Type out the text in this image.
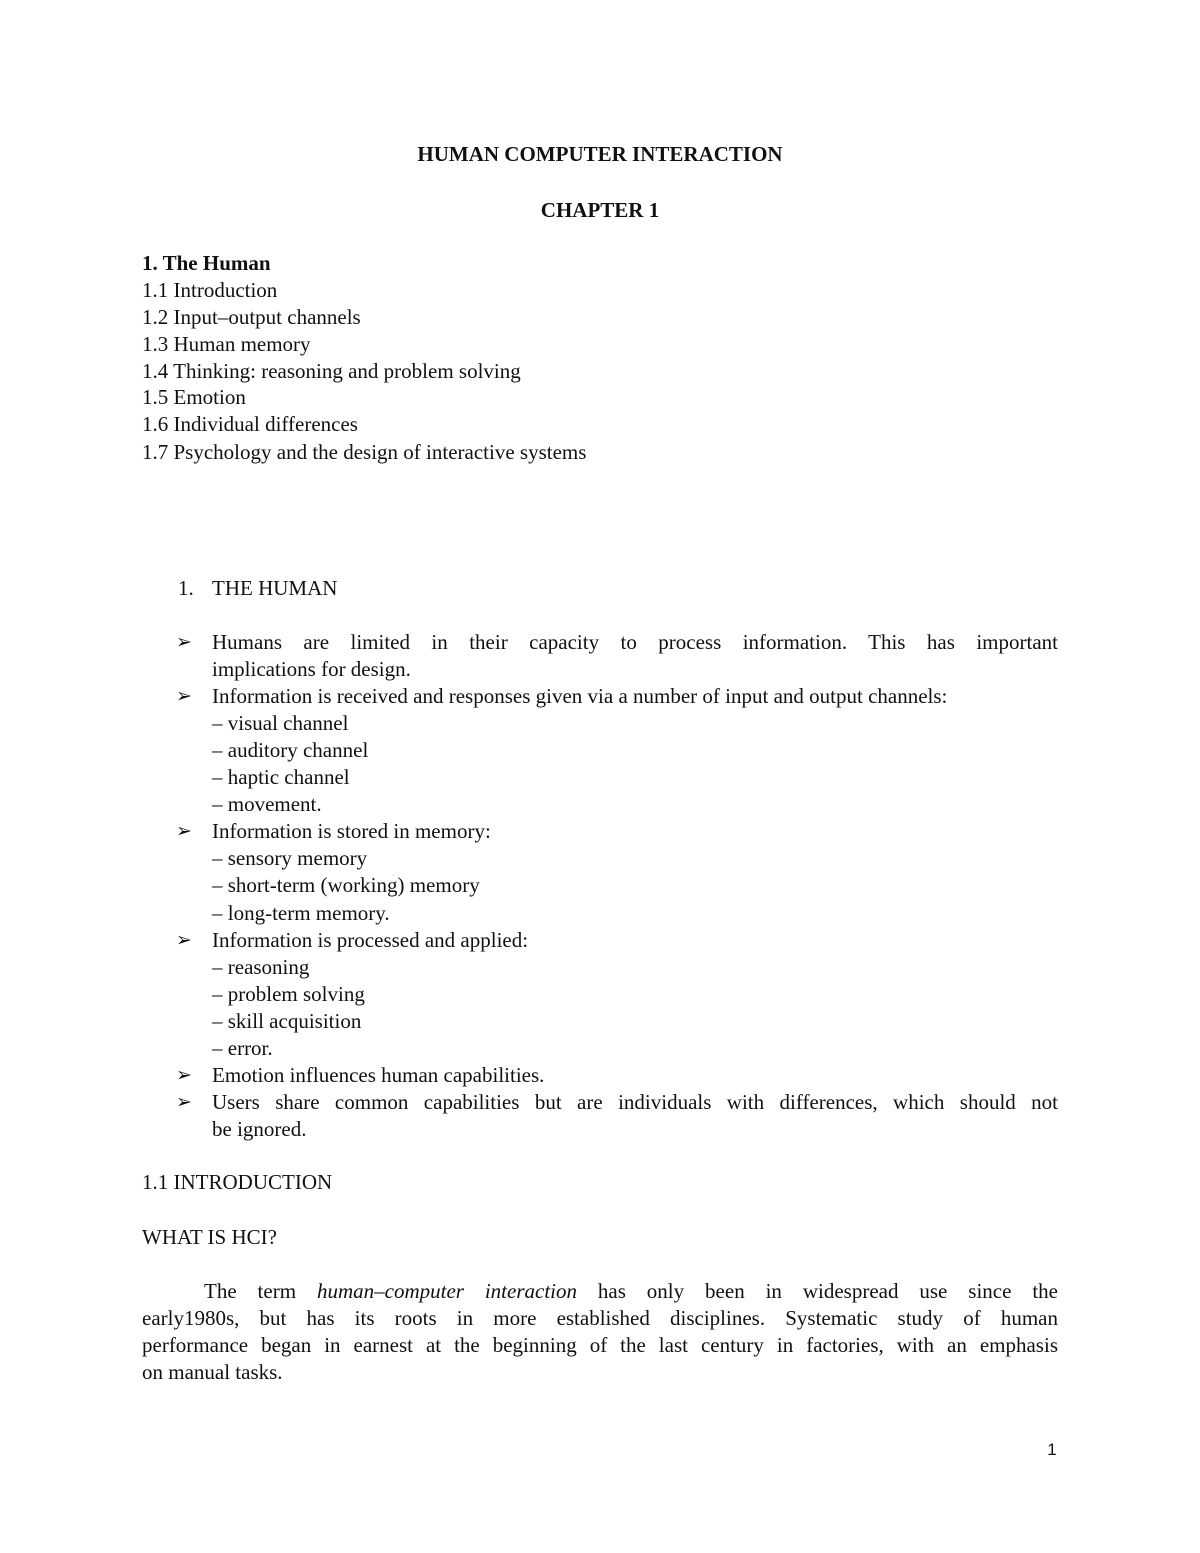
HUMAN COMPUTER INTERACTION
CHAPTER 1
1. The Human
1.1 Introduction
1.2 Input–output channels
1.3 Human memory
1.4 Thinking: reasoning and problem solving
1.5 Emotion
1.6 Individual differences
1.7 Psychology and the design of interactive systems
1. THE HUMAN
➢ Humans are limited in their capacity to process information. This has important
implications for design.
➢ Information is received and responses given via a number of input and output channels:
– visual channel
– auditory channel
– haptic channel
– movement.
➢ Information is stored in memory:
– sensory memory
– short-term (working) memory
– long-term memory.
➢ Information is processed and applied:
– reasoning
– problem solving
– skill acquisition
– error.
➢ Emotion influences human capabilities.
➢ Users share common capabilities but are individuals with differences, which should not
be ignored.
1.1 INTRODUCTION
WHAT IS HCI?
The term human–computer interaction has only been in widespread use since the
early1980s, but has its roots in more established disciplines. Systematic study of human
performance began in earnest at the beginning of the last century in factories, with an emphasis
on manual tasks.
1
